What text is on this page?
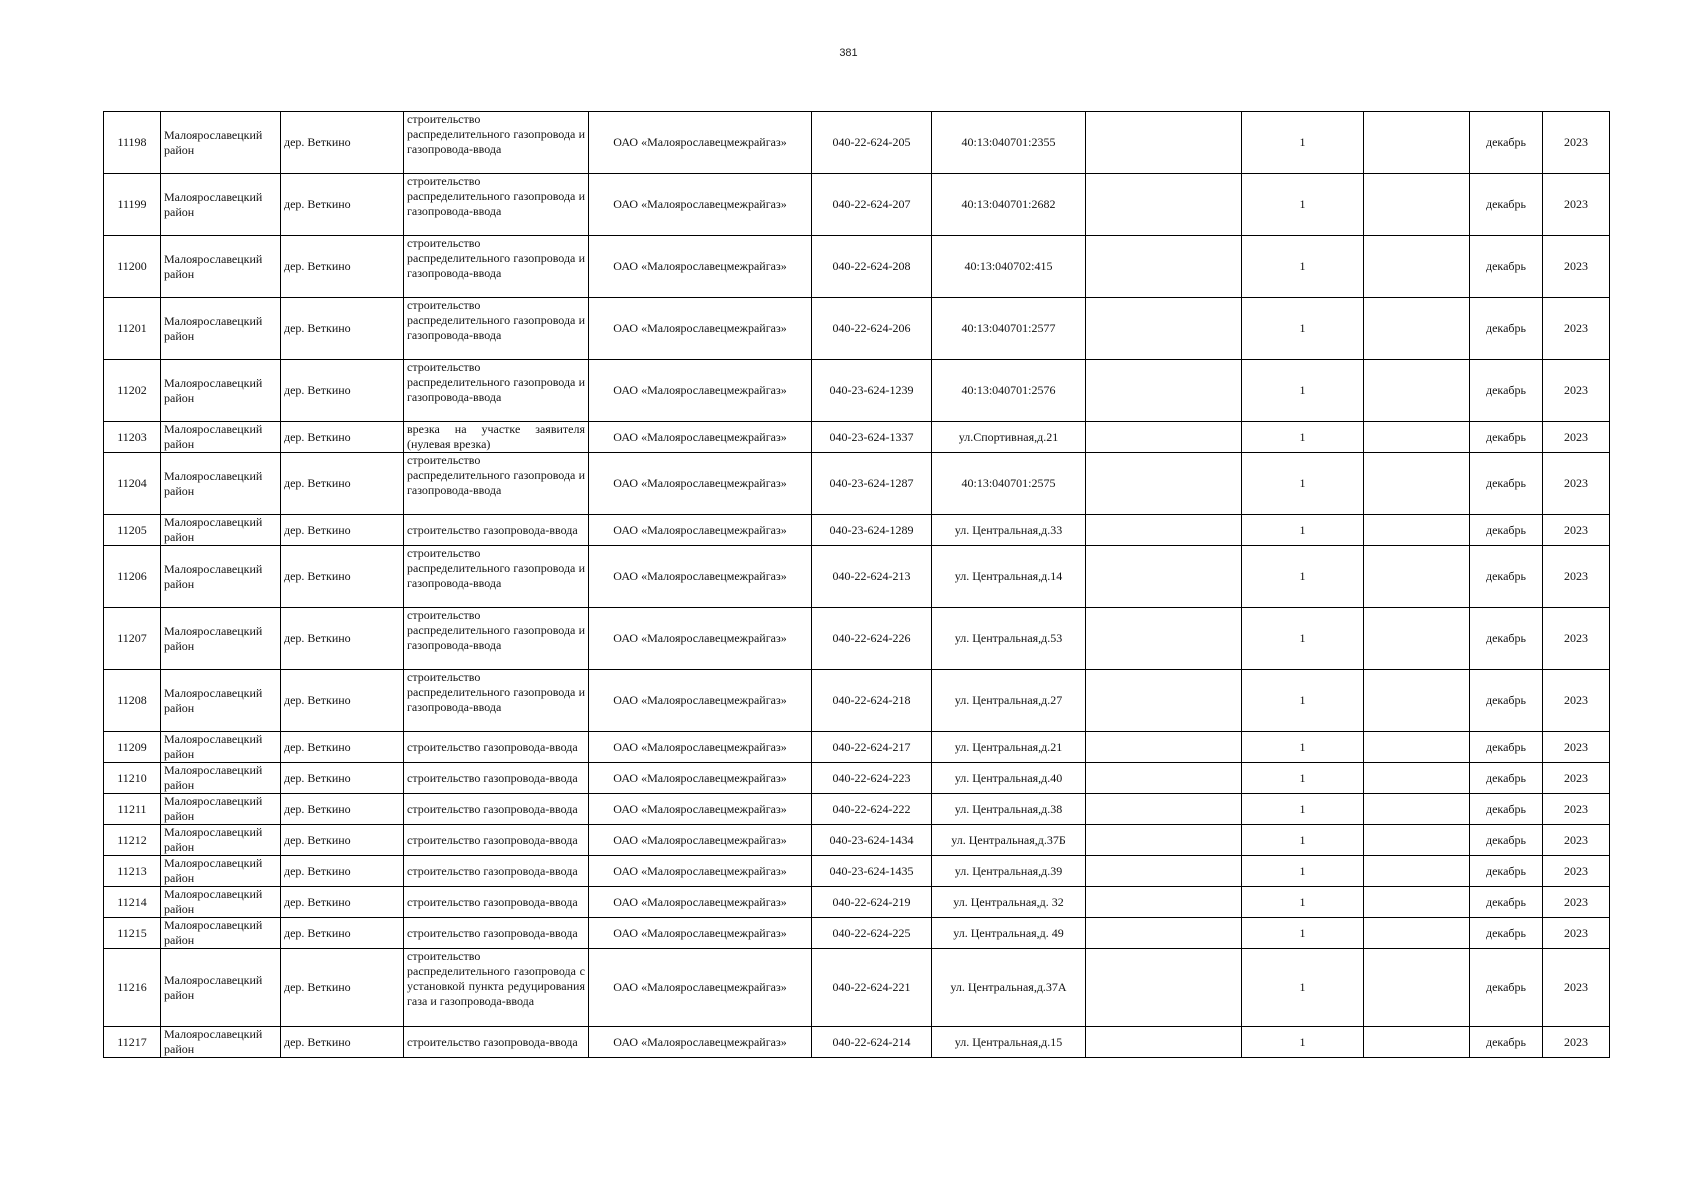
381
11198	Малоярославецкий район	дер. Веткино	строительство распределительного газопровода и газопровода-ввода	ОАО «Малоярославецмежрайгаз»	040-22-624-205	40:13:040701:2355		1		декабрь	2023
11199	Малоярославецкий район	дер. Веткино	строительство распределительного газопровода и газопровода-ввода	ОАО «Малоярославецмежрайгаз»	040-22-624-207	40:13:040701:2682		1		декабрь	2023
11200	Малоярославецкий район	дер. Веткино	строительство распределительного газопровода и газопровода-ввода	ОАО «Малоярославецмежрайгаз»	040-22-624-208	40:13:040702:415		1		декабрь	2023
11201	Малоярославецкий район	дер. Веткино	строительство распределительного газопровода и газопровода-ввода	ОАО «Малоярославецмежрайгаз»	040-22-624-206	40:13:040701:2577		1		декабрь	2023
11202	Малоярославецкий район	дер. Веткино	строительство распределительного газопровода и газопровода-ввода	ОАО «Малоярославецмежрайгаз»	040-23-624-1239	40:13:040701:2576		1		декабрь	2023
11203	Малоярославецкий район	дер. Веткино	врезка на участке заявителя (нулевая врезка)	ОАО «Малоярославецмежрайгаз»	040-23-624-1337	ул.Спортивная,д.21		1		декабрь	2023
11204	Малоярославецкий район	дер. Веткино	строительство распределительного газопровода и газопровода-ввода	ОАО «Малоярославецмежрайгаз»	040-23-624-1287	40:13:040701:2575		1		декабрь	2023
11205	Малоярославецкий район	дер. Веткино	строительство газопровода-ввода	ОАО «Малоярославецмежрайгаз»	040-23-624-1289	ул. Центральная,д.33		1		декабрь	2023
11206	Малоярославецкий район	дер. Веткино	строительство распределительного газопровода и газопровода-ввода	ОАО «Малоярославецмежрайгаз»	040-22-624-213	ул. Центральная,д.14		1		декабрь	2023
11207	Малоярославецкий район	дер. Веткино	строительство распределительного газопровода и газопровода-ввода	ОАО «Малоярославецмежрайгаз»	040-22-624-226	ул. Центральная,д.53		1		декабрь	2023
11208	Малоярославецкий район	дер. Веткино	строительство распределительного газопровода и газопровода-ввода	ОАО «Малоярославецмежрайгаз»	040-22-624-218	ул. Центральная,д.27		1		декабрь	2023
11209	Малоярославецкий район	дер. Веткино	строительство газопровода-ввода	ОАО «Малоярославецмежрайгаз»	040-22-624-217	ул. Центральная,д.21		1		декабрь	2023
11210	Малоярославецкий район	дер. Веткино	строительство газопровода-ввода	ОАО «Малоярославецмежрайгаз»	040-22-624-223	ул. Центральная,д.40		1		декабрь	2023
11211	Малоярославецкий район	дер. Веткино	строительство газопровода-ввода	ОАО «Малоярославецмежрайгаз»	040-22-624-222	ул. Центральная,д.38		1		декабрь	2023
11212	Малоярославецкий район	дер. Веткино	строительство газопровода-ввода	ОАО «Малоярославецмежрайгаз»	040-23-624-1434	ул. Центральная,д.37Б		1		декабрь	2023
11213	Малоярославецкий район	дер. Веткино	строительство газопровода-ввода	ОАО «Малоярославецмежрайгаз»	040-23-624-1435	ул. Центральная,д.39		1		декабрь	2023
11214	Малоярославецкий район	дер. Веткино	строительство газопровода-ввода	ОАО «Малоярославецмежрайгаз»	040-22-624-219	ул. Центральная,д. 32		1		декабрь	2023
11215	Малоярославецкий район	дер. Веткино	строительство газопровода-ввода	ОАО «Малоярославецмежрайгаз»	040-22-624-225	ул. Центральная,д. 49		1		декабрь	2023
11216	Малоярославецкий район	дер. Веткино	строительство распределительного газопровода с установкой пункта редуцирования газа и газопровода-ввода	ОАО «Малоярославецмежрайгаз»	040-22-624-221	ул. Центральная,д.37А		1		декабрь	2023
11217	Малоярославецкий район	дер. Веткино	строительство газопровода-ввода	ОАО «Малоярославецмежрайгаз»	040-22-624-214	ул. Центральная,д.15		1		декабрь	2023
